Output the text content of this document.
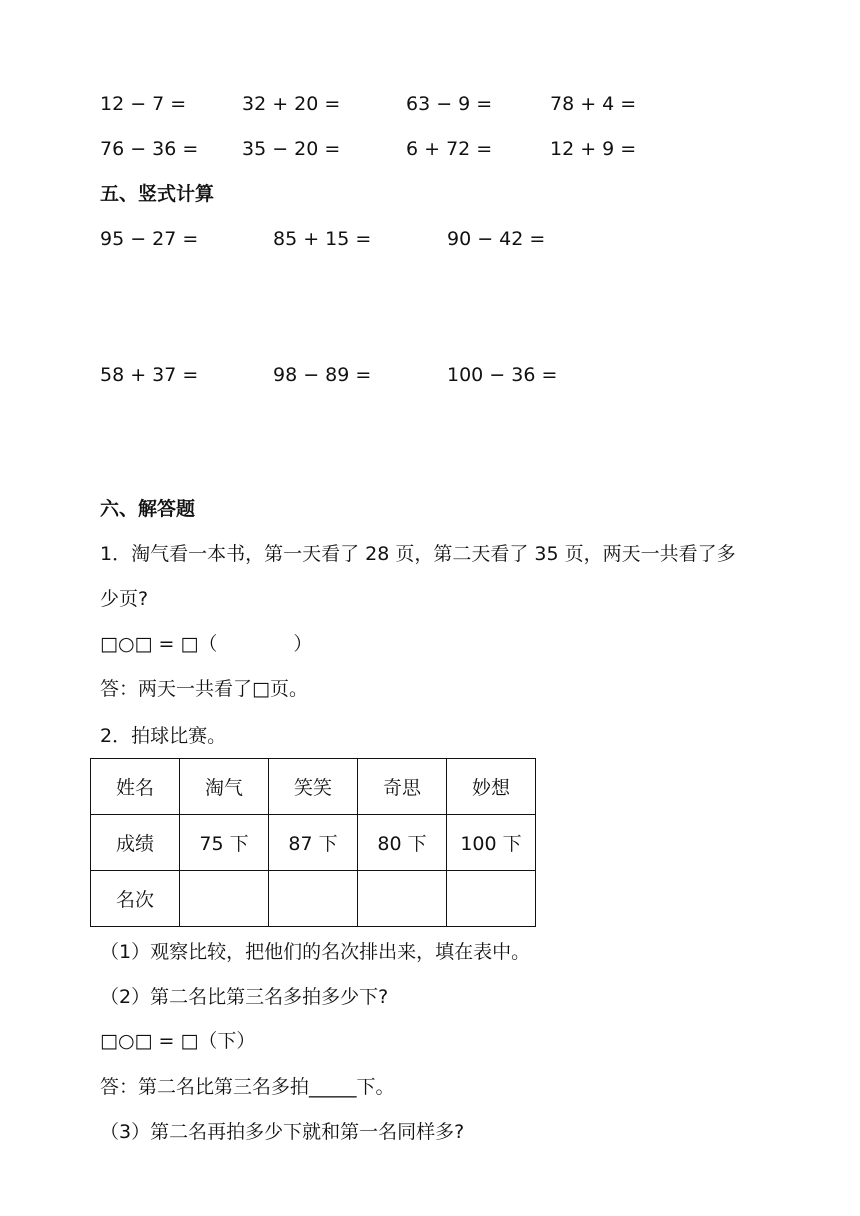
12 − 7 =	32 + 20 =	63 − 9 =	78 + 4 =
76 − 36 = 35 − 20 =	6 + 72 =	12 + 9 =
五、竖式计算
95 − 27 =	85 + 15 =	90 − 42 =
58 + 37 =	98 − 89 =	100 − 36 =
六、解答题
1．淘气看一本书，第一天看了 28 页，第二天看了 35 页，两天一共看了多
少页?
□○□ = □（　　　　）
答：两天一共看了□页。
2．拍球比赛。
姓名	淘气	笑笑	奇思	妙想
成绩	75 下	87 下	80 下	100 下
名次				
（1）观察比较，把他们的名次排出来，填在表中。
（2）第二名比第三名多拍多少下?
□○□ = □（下）
答：第二名比第三名多拍_____下。
（3）第二名再拍多少下就和第一名同样多?
